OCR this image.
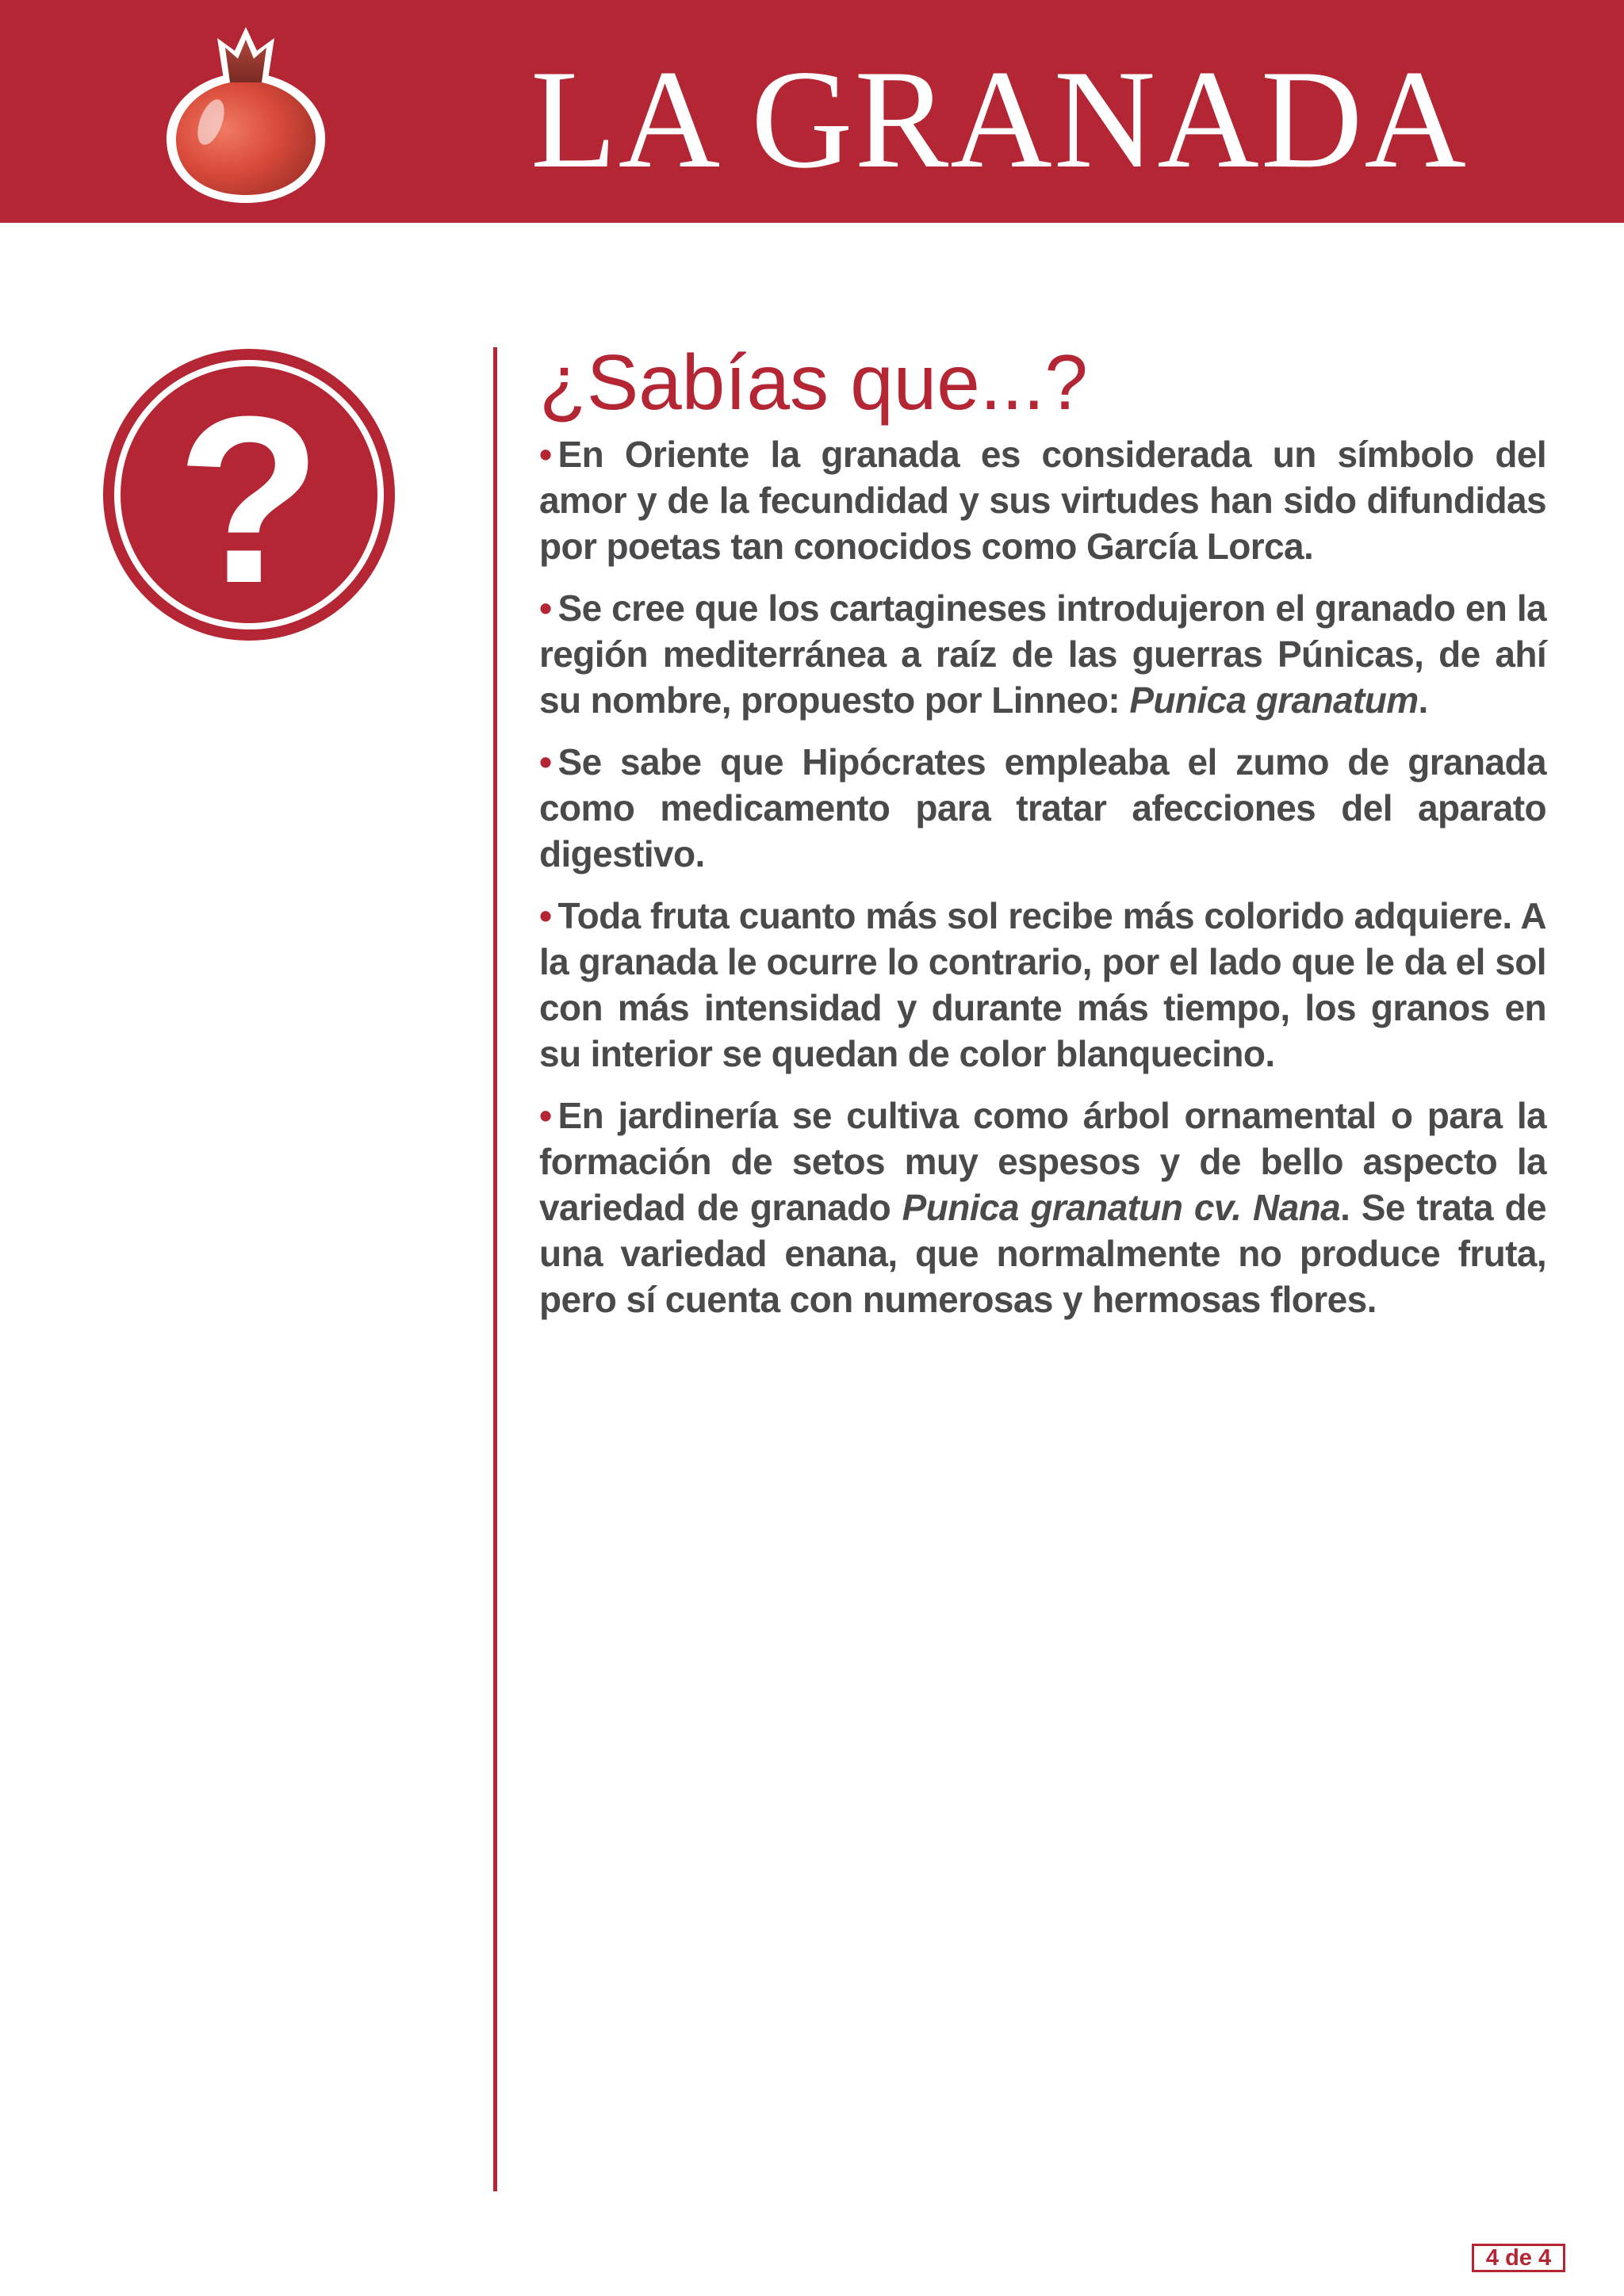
LA GRANADA
?	¿Sabías que...?

• En Oriente la granada es considerada un símbolo del amor y de la fecundidad y sus virtudes han sido difundidas por poetas tan conocidos como García Lorca.

• Se cree que los cartagineses introdujeron el granado en la región mediterránea a raíz de las guerras Púnicas, de ahí su nombre, propuesto por Linneo: Punica granatum.

• Se sabe que Hipócrates empleaba el zumo de granada como medicamento para tratar afecciones del aparato digestivo.

• Toda fruta cuanto más sol recibe más colorido adquiere. A la granada le ocurre lo contrario, por el lado que le da el sol con más intensidad y durante más tiempo, los granos en su interior se quedan de color blanquecino.

• En jardinería se cultiva como árbol ornamental o para la formación de setos muy espesos y de bello aspecto la variedad de granado Punica granatun cv. Nana. Se trata de una variedad enana, que normalmente no produce fruta, pero sí cuenta con numerosas y hermosas flores.

4 de 4
